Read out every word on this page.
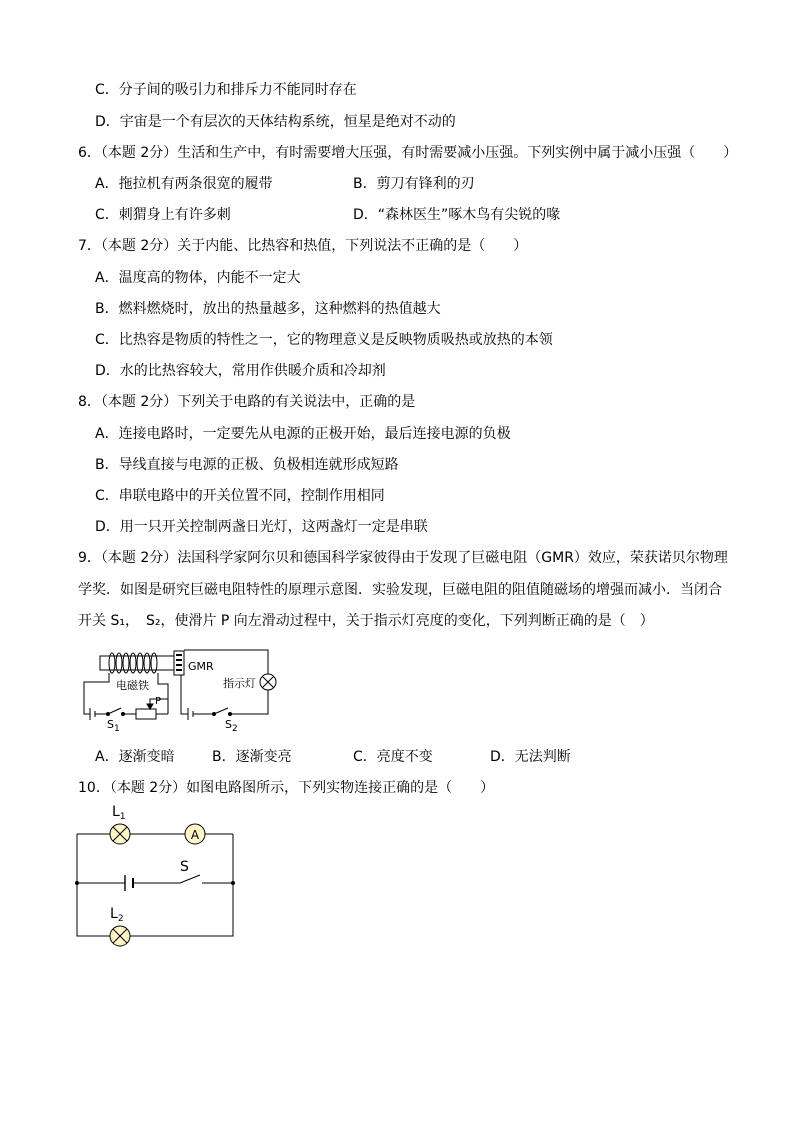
C．分子间的吸引力和排斥力不能同时存在
D．宇宙是一个有层次的天体结构系统，恒星是绝对不动的
6．（本题 2分）生活和生产中，有时需要增大压强，有时需要减小压强。下列实例中属于减小压强（　　）
A．拖拉机有两条很宽的履带	B．剪刀有锋利的刃
C．刺猬身上有许多刺	D．“森林医生”啄木鸟有尖锐的喙
7．（本题 2分）关于内能、比热容和热值，下列说法不正确的是（　　）
A．温度高的物体，内能不一定大
B．燃料燃烧时，放出的热量越多，这种燃料的热值越大
C．比热容是物质的特性之一，它的物理意义是反映物质吸热或放热的本领
D．水的比热容较大，常用作供暖介质和冷却剂
8．（本题 2分）下列关于电路的有关说法中，正确的是
A．连接电路时，一定要先从电源的正极开始，最后连接电源的负极
B．导线直接与电源的正极、负极相连就形成短路
C．串联电路中的开关位置不同，控制作用相同
D．用一只开关控制两盏日光灯，这两盏灯一定是串联
9．（本题 2分）法国科学家阿尔贝和德国科学家彼得由于发现了巨磁电阻（GMR）效应，荣获诺贝尔物理
学奖．如图是研究巨磁电阻特性的原理示意图．实验发现，巨磁电阻的阻值随磁场的增强而减小．当闭合
开关 S₁，　S₂，使滑片 P 向左滑动过程中，关于指示灯亮度的变化，下列判断正确的是（　）
GMR
指示灯
电磁铁
P
$S_1$	$S_2$
A．逐渐变暗	B．逐渐变亮	C．亮度不变	D．无法判断
10．（本题 2分）如图电路图所示，下列实物连接正确的是（　　）
A
$L_1$
$L_2$
S
